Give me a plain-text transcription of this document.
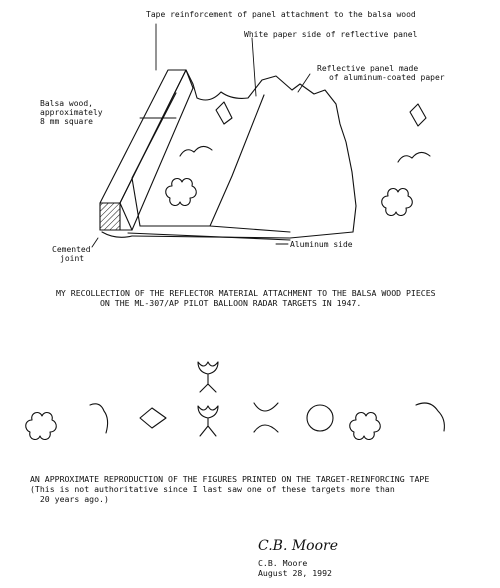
Tape reinforcement of panel attachment to the balsa wood
White paper side of reflective panel
Reflective panel made
of aluminum-coated paper
Balsa wood,
approximately
8 mm square
Cemented
joint
Aluminum side
MY RECOLLECTION OF THE REFLECTOR MATERIAL ATTACHMENT TO THE BALSA WOOD PIECES
ON THE ML-307/AP PILOT BALLOON RADAR TARGETS IN 1947.
AN APPROXIMATE REPRODUCTION OF THE FIGURES PRINTED ON THE TARGET-REINFORCING TAPE
(This is not authoritative since I last saw one of these targets more than
20 years ago.)
C.B. Moore
C.B. Moore
August 28, 1992
